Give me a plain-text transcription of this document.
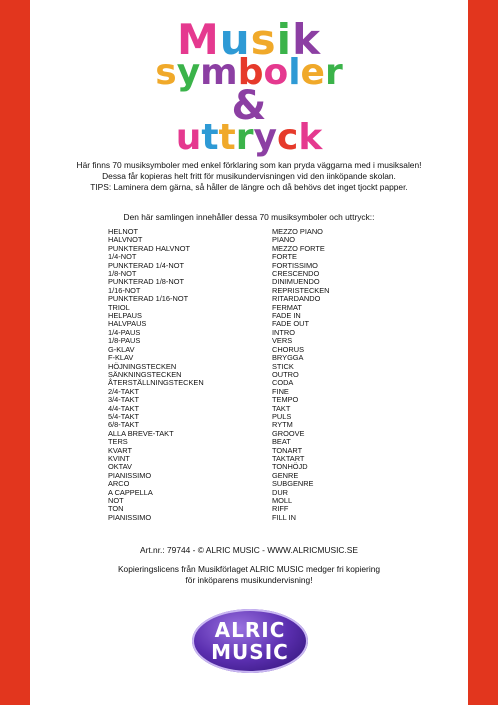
Musik
symboler
&
uttryck
Här finns 70 musiksymboler med enkel förklaring som kan pryda väggarna med i musiksalen!
Dessa får kopieras helt fritt för musikundervisningen vid den iinköpande skolan.
TIPS: Laminera dem gärna, så håller de längre och då behövs det inget tjockt papper.
Den här samlingen innehåller dessa 70 musiksymboler och uttryck::
HELNOT
HALVNOT
PUNKTERAD HALVNOT
1/4-NOT
PUNKTERAD 1/4-NOT
1/8-NOT
PUNKTERAD 1/8-NOT
1/16-NOT
PUNKTERAD 1/16-NOT
TRIOL
HELPAUS
HALVPAUS
1/4-PAUS
1/8-PAUS
G-KLAV
F-KLAV
HÖJNINGSTECKEN
SÄNKNINGSTECKEN
ÅTERSTÄLLNINGSTECKEN
2/4-TAKT
3/4-TAKT
4/4-TAKT
5/4-TAKT
6/8-TAKT
ALLA BREVE-TAKT
TERS
KVART
KVINT
OKTAV
PIANISSIMO
ARCO
A CAPPELLA
NOT
TON
PIANISSIMO
MEZZO PIANO
PIANO
MEZZO FORTE
FORTE
FORTISSIMO
CRESCENDO
DINIMUENDO
REPRISTECKEN
RITARDANDO
FERMAT
FADE IN
FADE OUT
INTRO
VERS
CHORUS
BRYGGA
STICK
OUTRO
CODA
FINE
TEMPO
TAKT
PULS
RYTM
GROOVE
BEAT
TONART
TAKTART
TONHÖJD
GENRE
SUBGENRE
DUR
MOLL
RIFF
FILL IN
Art.nr.: 79744 - © ALRIC MUSIC - WWW.ALRICMUSIC.SE
Kopieringslicens från Musikförlaget ALRIC MUSIC medger fri kopiering
för inköparens musikundervisning!
ALRIC
MUSIC
